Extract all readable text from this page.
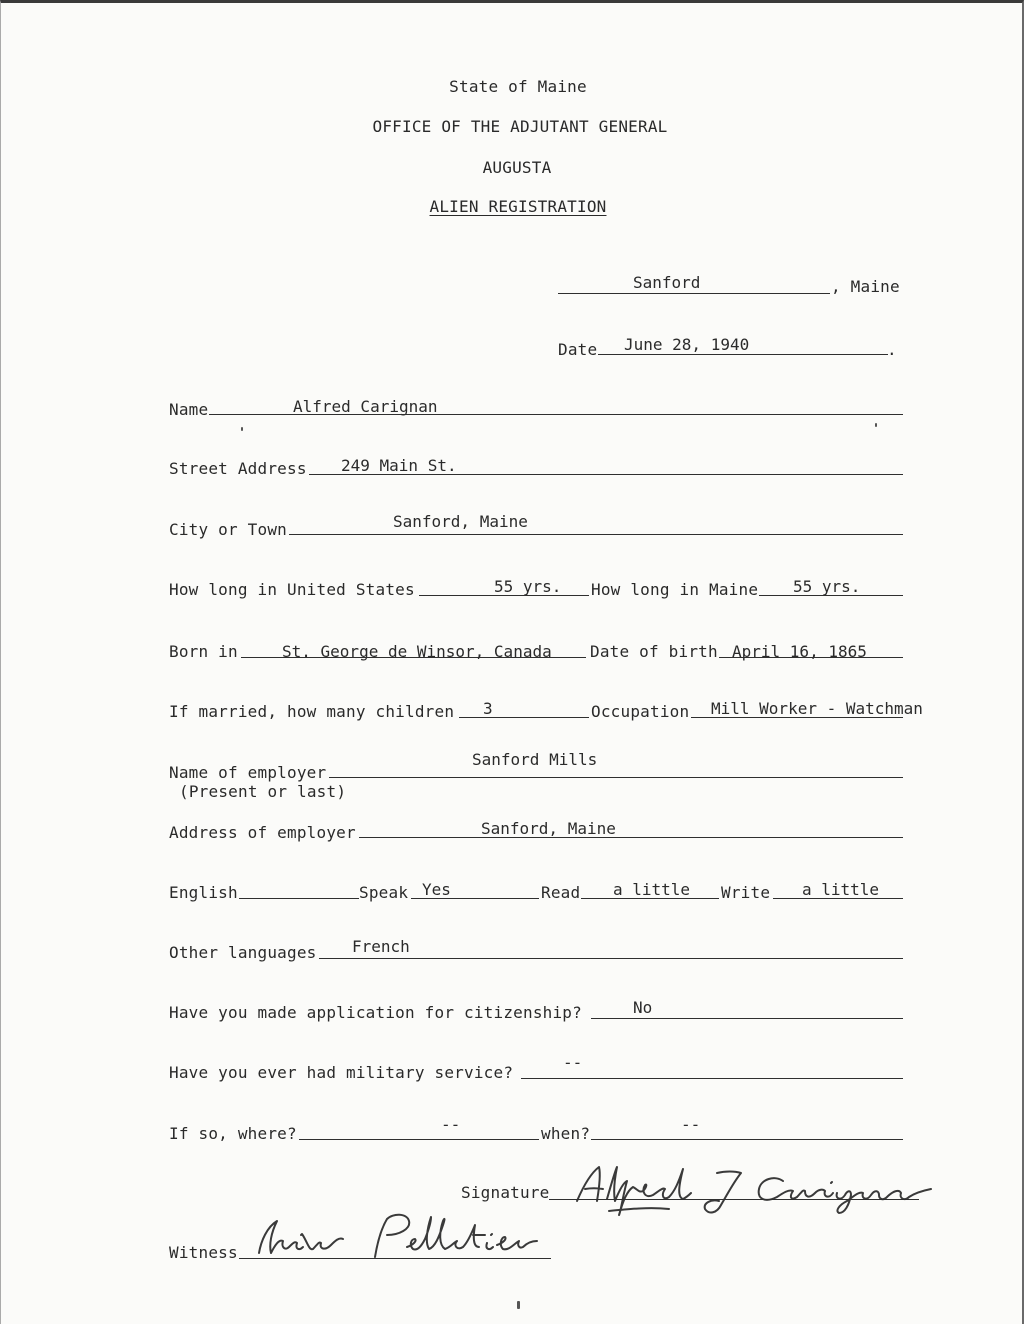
State of Maine
OFFICE OF THE ADJUTANT GENERAL
AUGUSTA
ALIEN REGISTRATION
Sanford	, Maine
Date June 28, 1940	.
Name	Alfred Carignan
Street Address 249 Main St.
City or Town	Sanford, Maine
How long in United States	55 yrs. How long in Maine 55 yrs.
Born in	St. George de Winsor, Canada Date of birth April 16, 1865
If married, how many children 3	Occupation Mill Worker - Watchman
Name of employer
(Present or last)
Sanford Mills
Address of employer	Sanford, Maine
English	Speak Yes	Read a little Write a little
Other languages French
Have you made application for citizenship?	No
Have you ever had military service?
--
If so, where?	--	when?	--
Signature
Witness
